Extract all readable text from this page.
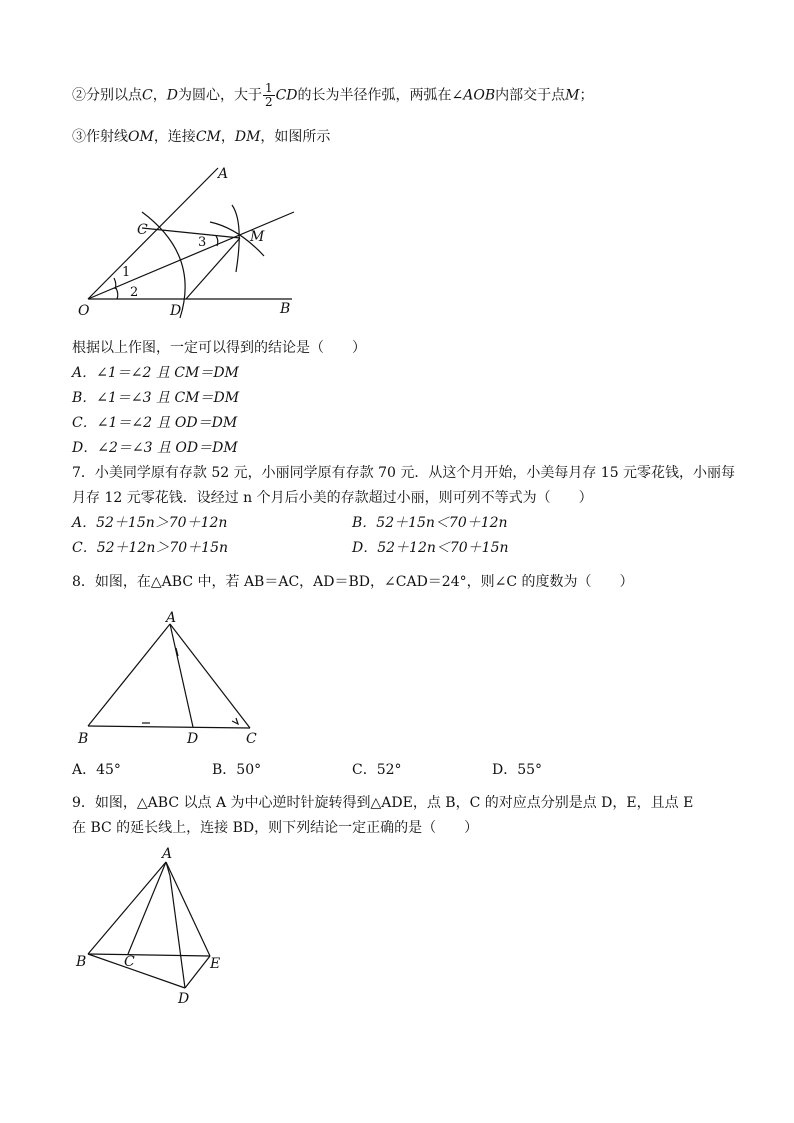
②分别以点C，D为圆心，大于 $\frac{1}{2}$ CD的长为半径作弧，两弧在∠AOB内部交于点M；
③作射线OM，连接CM，DM，如图所示
A
B
C
D
O
M
1
2
3
根据以上作图，一定可以得到的结论是（　　）
A．∠1＝∠2 且 CM＝DM
B．∠1＝∠3 且 CM＝DM
C．∠1＝∠2 且 OD＝DM
D．∠2＝∠3 且 OD＝DM
7．小美同学原有存款 52 元，小丽同学原有存款 70 元．从这个月开始，小美每月存 15 元零花钱，小丽每
月存 12 元零花钱．设经过 n 个月后小美的存款超过小丽，则可列不等式为（　　）
A．52＋15n＞70＋12n	B．52＋15n＜70＋12n
C．52＋12n＞70＋15n	D．52＋12n＜70＋15n
8．如图，在△ABC 中，若 AB＝AC，AD＝BD，∠CAD＝24°，则∠C 的度数为（　　）
A
B	D	C
A．45°	B．50°	C．52°	D．55°
9．如图，△ABC 以点 A 为中心逆时针旋转得到△ADE，点 B，C 的对应点分别是点 D，E，且点 E
在 BC 的延长线上，连接 BD，则下列结论一定正确的是（　　）
A
B	C	E
D
